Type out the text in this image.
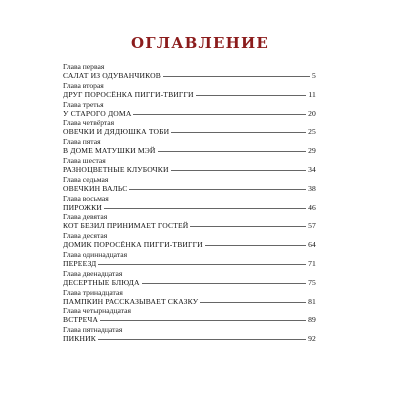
ОГЛАВЛЕНИЕ
Глава первая
САЛАТ ИЗ ОДУВАНЧИКОВ	5
Глава вторая
ДРУГ ПОРОСЁНКА ПИГГИ-ТВИГГИ	11
Глава третья
У СТАРОГО ДОМА	20
Глава четвёртая
ОВЕЧКИ И ДЯДЮШКА ТОБИ	25
Глава пятая
В ДОМЕ МАТУШКИ МЭЙ	29
Глава шестая
РАЗНОЦВЕТНЫЕ КЛУБОЧКИ	34
Глава седьмая
ОВЕЧКИН ВАЛЬС	38
Глава восьмая
ПИРОЖКИ	46
Глава девятая
КОТ БЕЗИЛ ПРИНИМАЕТ ГОСТЕЙ	57
Глава десятая
ДОМИК ПОРОСЁНКА ПИГГИ-ТВИГГИ	64
Глава одиннадцатая
ПЕРЕЕЗД	71
Глава двенадцатая
ДЕСЕРТНЫЕ БЛЮДА	75
Глава тринадцатая
ПАМПКИН РАССКАЗЫВАЕТ СКАЗКУ	81
Глава четырнадцатая
ВСТРЕЧА	89
Глава пятнадцатая
ПИКНИК	92
